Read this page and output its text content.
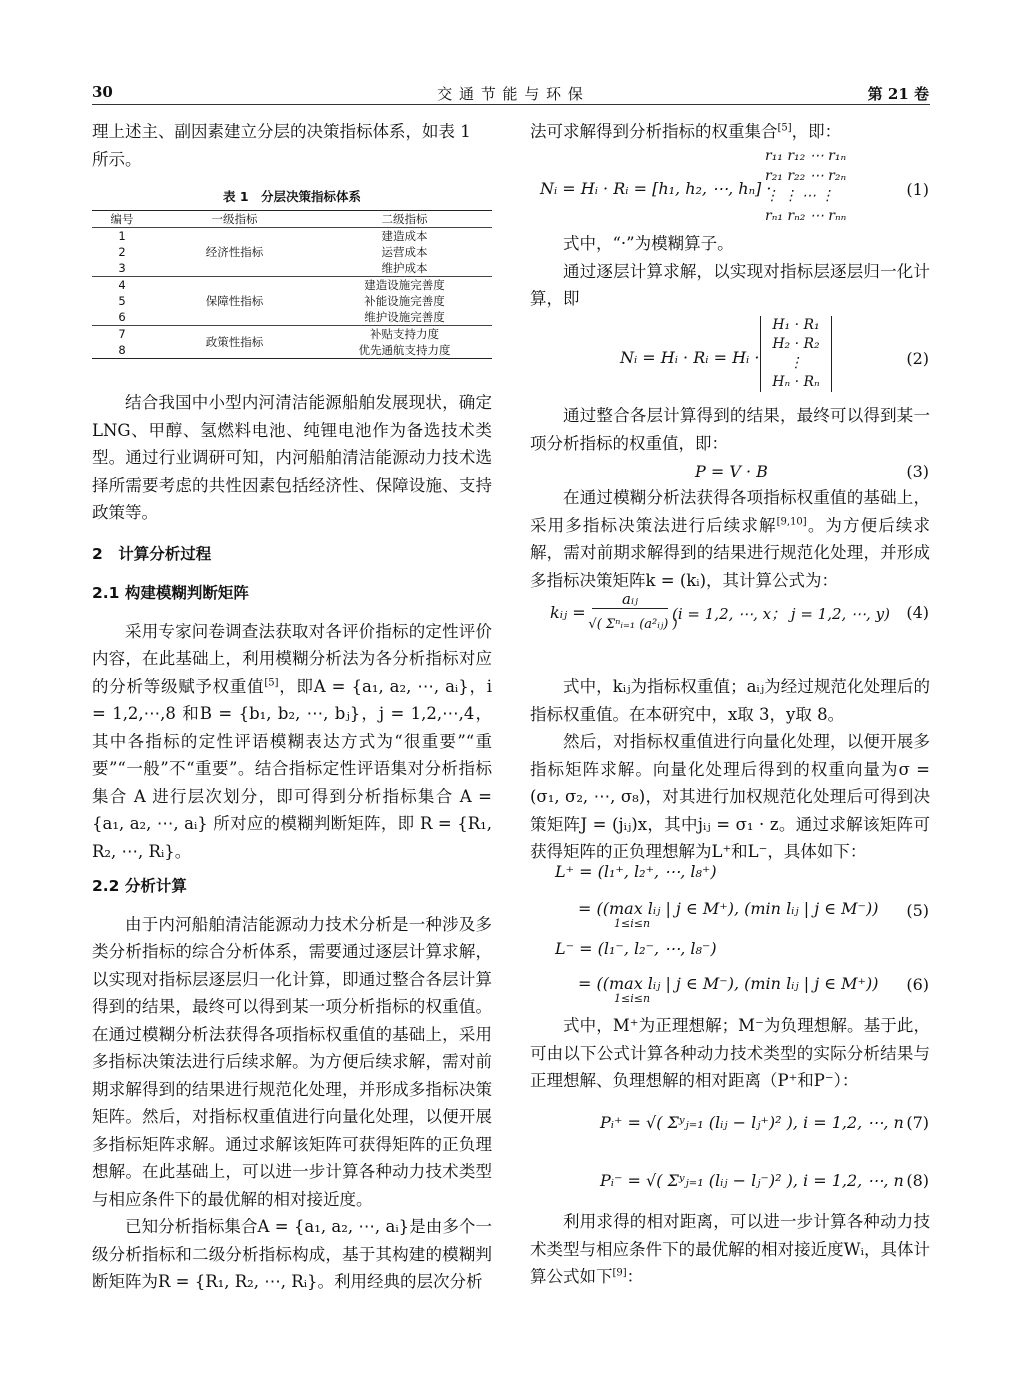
30	交 通 节 能 与 环 保	第 21 卷

理上述主、副因素建立分层的决策指标体系，如表 1
所示。

表 1　分层决策指标体系
编号	一级指标	二级指标
1	经济性指标	建造成本
2		运营成本
3		维护成本
4	保障性指标	建造设施完善度
5		补能设施完善度
6		维护设施完善度
7	政策性指标	补贴支持力度
8		优先通航支持力度

结合我国中小型内河清洁能源船舶发展现状，确定 LNG、甲醇、氢燃料电池、纯锂电池作为备选技术类型。通过行业调研可知，内河船舶清洁能源动力技术选择所需要考虑的共性因素包括经济性、保障设施、支持政策等。

2　计算分析过程
2.1 构建模糊判断矩阵

采用专家问卷调查法获取对各评价指标的定性评价内容，在此基础上，利用模糊分析法为各分析指标对应的分析等级赋予权重值[5]，即A = {a₁, a₂, ⋯, aᵢ}，i = 1,2,⋯,8 和B = {b₁, b₂, ⋯, bⱼ}，j = 1,2,⋯,4，其中各指标的定性评语模糊表达方式为“很重要”“重要”“一般”不“重要”。结合指标定性评语集对分析指标集合 A 进行层次划分，即可得到分析指标集合 A = {a₁, a₂, ⋯, aᵢ} 所对应的模糊判断矩阵，即 R = {R₁, R₂, ⋯, Rᵢ}。

2.2 分析计算

由于内河船舶清洁能源动力技术分析是一种涉及多类分析指标的综合分析体系，需要通过逐层计算求解，以实现对指标层逐层归一化计算，即通过整合各层计算得到的结果，最终可以得到某一项分析指标的权重值。在通过模糊分析法获得各项指标权重值的基础上，采用多指标决策法进行后续求解。为方便后续求解，需对前期求解得到的结果进行规范化处理，并形成多指标决策矩阵。然后，对指标权重值进行向量化处理，以便开展多指标矩阵求解。通过求解该矩阵可获得矩阵的正负理想解。在此基础上，可以进一步计算各种动力技术类型与相应条件下的最优解的相对接近度。

已知分析指标集合A = {a₁, a₂, ⋯, aᵢ}是由多个一级分析指标和二级分析指标构成，基于其构建的模糊判断矩阵为R = {R₁, R₂, ⋯, Rᵢ}。利用经典的层次分析

法可求解得到分析指标的权重集合[5]，即：

Nᵢ = Hᵢ · Rᵢ = [h₁, h₂, ⋯, hₙ] ·
r₁₁ r₁₂ ⋯ r₁ₙ
r₂₁ r₂₂ ⋯ r₂ₙ
⋮ ⋮ ⋯ ⋮
rₙ₁ rₙ₂ ⋯ rₙₙ
(1)

式中，“·”为模糊算子。

通过逐层计算求解，以实现对指标层逐层归一化计算，即

Nᵢ = Hᵢ · Rᵢ = Hᵢ ·
H₁ · R₁
H₂ · R₂
⋮
Hₙ · Rₙ
(2)

通过整合各层计算得到的结果，最终可以得到某一项分析指标的权重值，即：

P = V · B	(3)

在通过模糊分析法获得各项指标权重值的基础上，采用多指标决策法进行后续求解[9,10]。为方便后续求解，需对前期求解得到的结果进行规范化处理，并形成多指标决策矩阵k = (kᵢ)，其计算公式为：

kᵢⱼ =
aᵢⱼ
√( Σⁿᵢ₌₁ (a²ᵢⱼ) )
(i = 1,2, ⋯, x； j = 1,2, ⋯, y) (4)

式中，kᵢⱼ为指标权重值；aᵢⱼ为经过规范化处理后的指标权重值。在本研究中，x取 3，y取 8。

然后，对指标权重值进行向量化处理，以便开展多指标矩阵求解。向量化处理后得到的权重向量为σ = (σ₁, σ₂, ⋯, σ₈)，对其进行加权规范化处理后可得到决策矩阵J = (jᵢⱼ)x，其中jᵢⱼ = σ₁ · z。通过求解该矩阵可获得矩阵的正负理想解为L⁺和L⁻，具体如下：

L⁺ = (l₁⁺, l₂⁺, ⋯, l₈⁺)
= ((max lᵢⱼ | j ∈ M⁺), (min lᵢⱼ | j ∈ M⁻))
1≤i≤n
(5)
L⁻ = (l₁⁻, l₂⁻, ⋯, l₈⁻)
= ((max lᵢⱼ | j ∈ M⁻), (min lᵢⱼ | j ∈ M⁺))
1≤i≤n
(6)

式中，M⁺为正理想解；M⁻为负理想解。基于此，可由以下公式计算各种动力技术类型的实际分析结果与正理想解、负理想解的相对距离（P⁺和P⁻）：

Pᵢ⁺ = √( Σʸⱼ₌₁ (lᵢⱼ − lⱼ⁺)² ), i = 1,2, ⋯, n (7)
Pᵢ⁻ = √( Σʸⱼ₌₁ (lᵢⱼ − lⱼ⁻)² ), i = 1,2, ⋯, n (8)

利用求得的相对距离，可以进一步计算各种动力技术类型与相应条件下的最优解的相对接近度Wᵢ，具体计算公式如下[9]：
